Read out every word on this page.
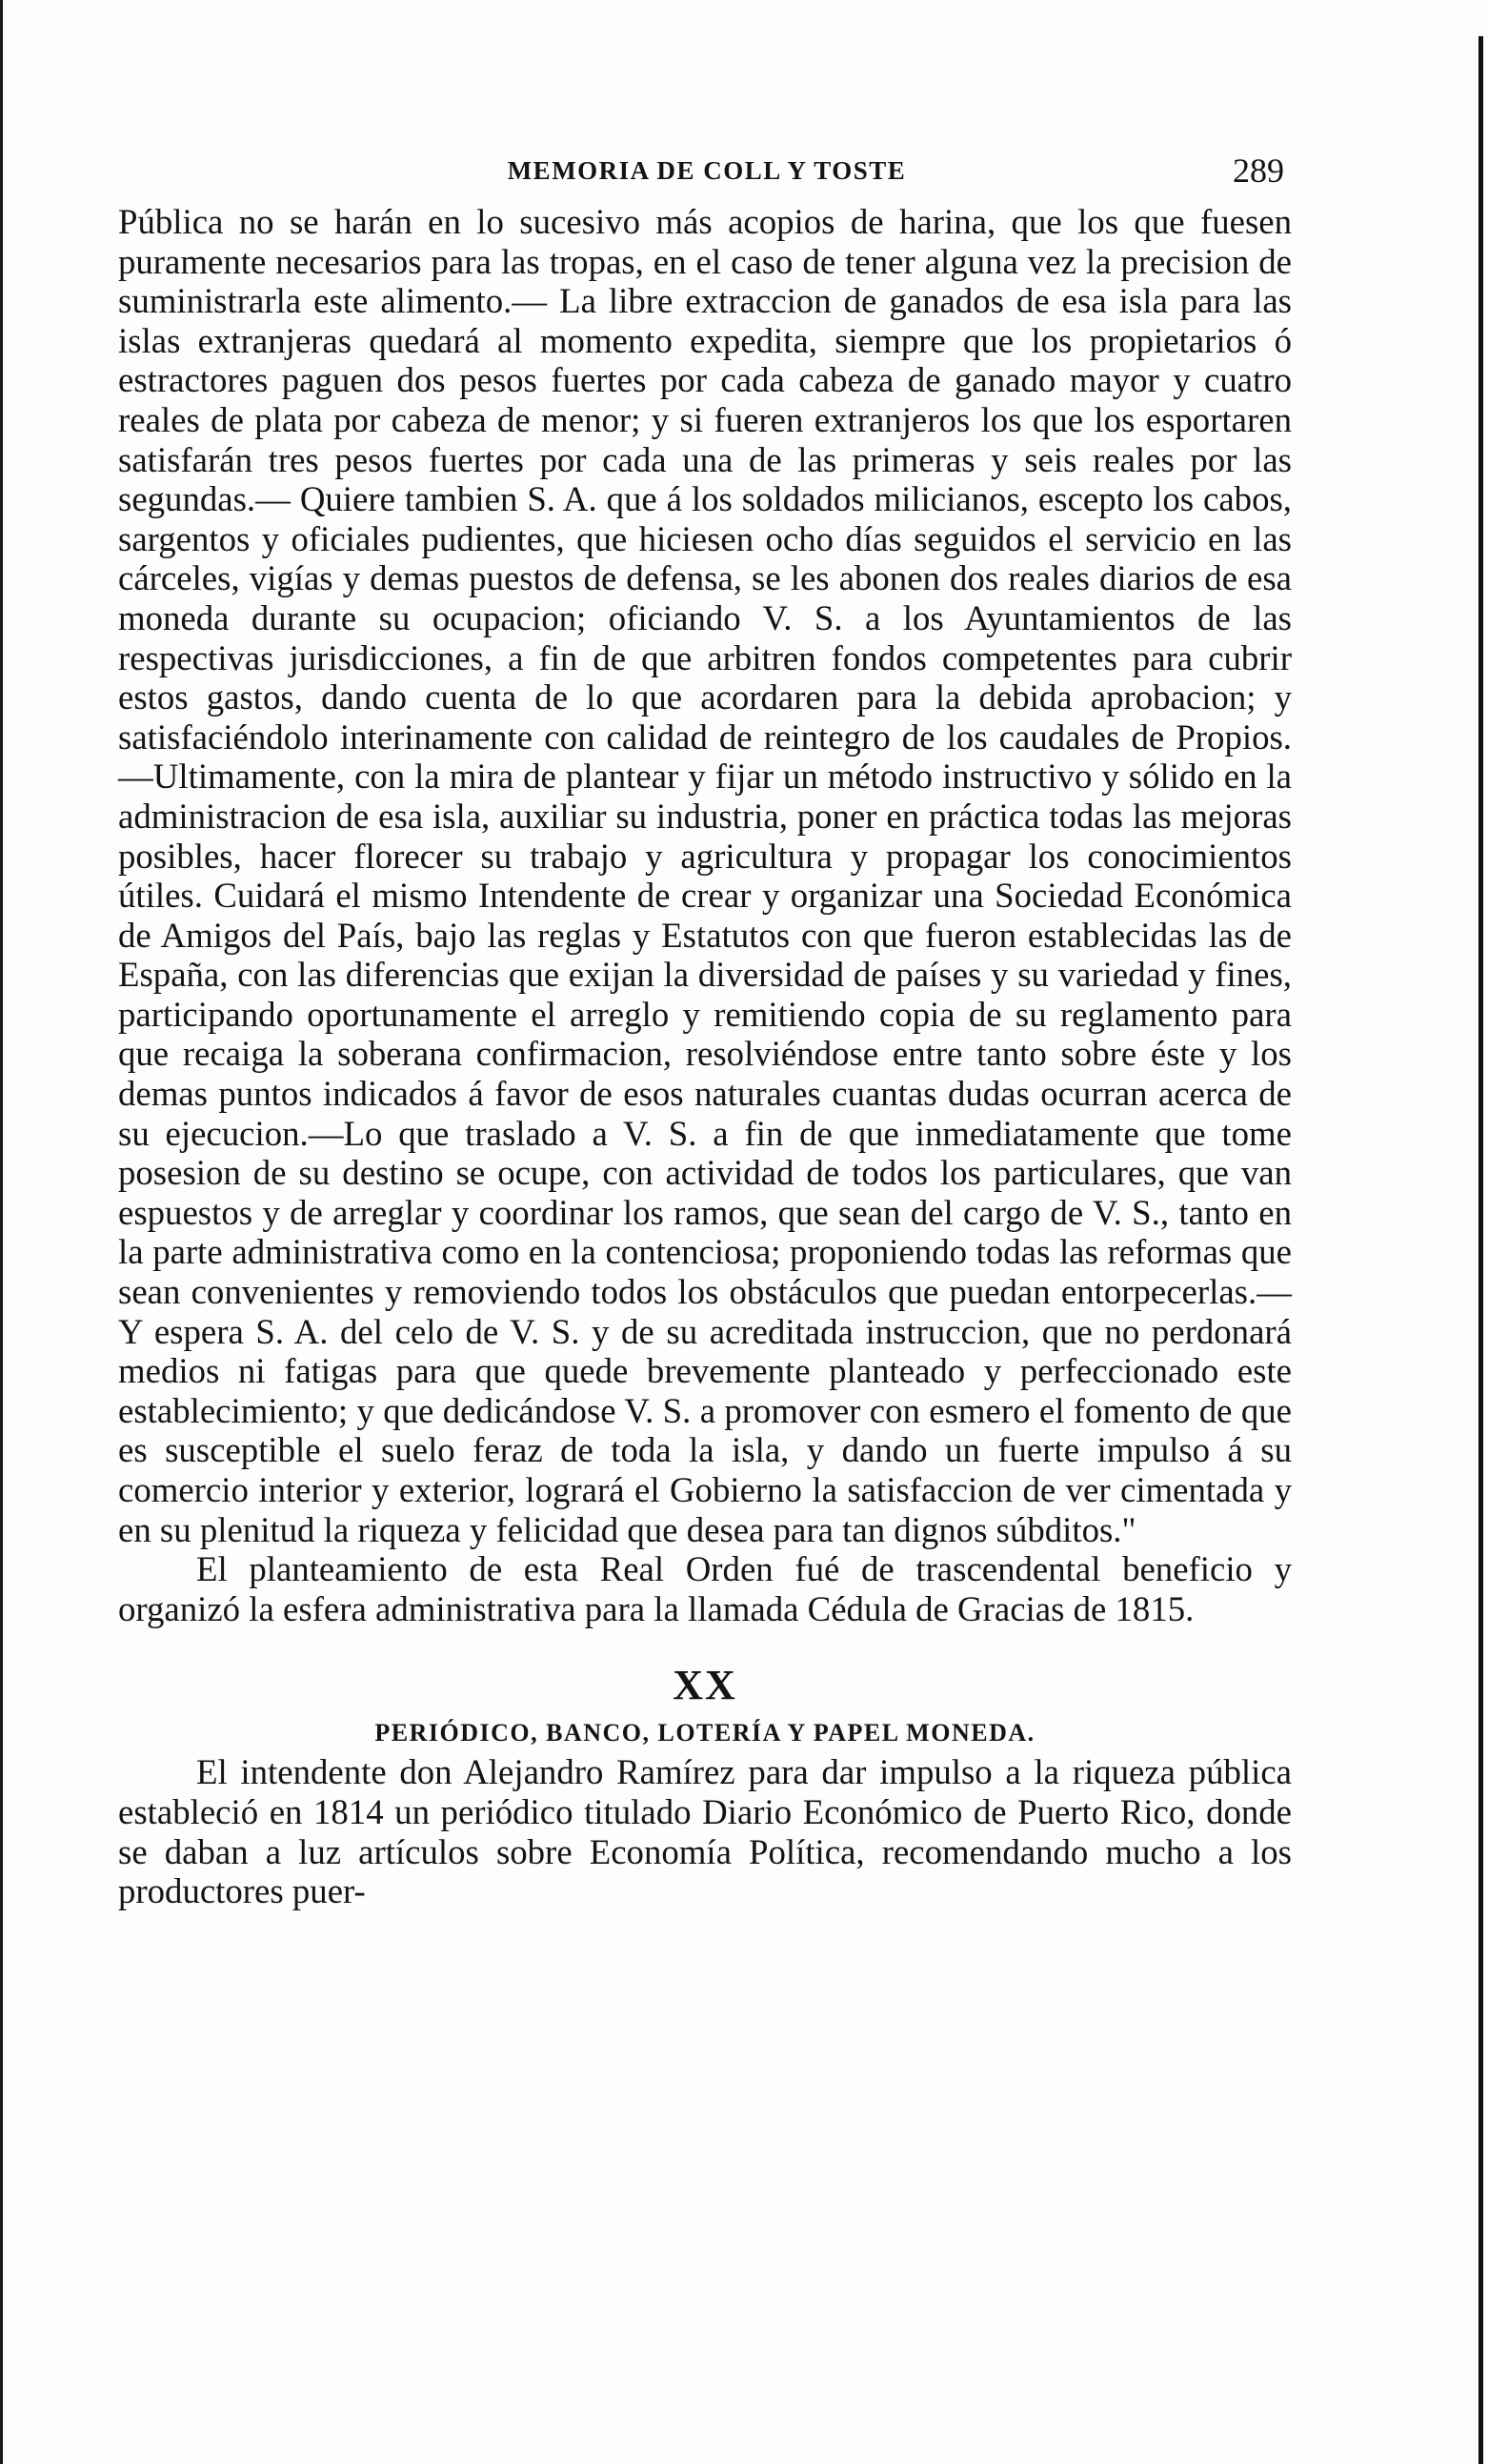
MEMORIA DE COLL Y TOSTE	289

Pública no se harán en lo sucesivo más acopios de harina, que los que fuesen puramente necesarios para las tropas, en el caso de tener alguna vez la precision de suministrarla este alimento.— La libre extraccion de ganados de esa isla para las islas extranjeras quedará al momento expedita, siempre que los propietarios ó estractores paguen dos pesos fuertes por cada cabeza de ganado mayor y cuatro reales de plata por cabeza de menor; y si fueren extranjeros los que los esportaren satisfarán tres pesos fuertes por cada una de las primeras y seis reales por las segundas.— Quiere tambien S. A. que á los soldados milicianos, escepto los cabos, sargentos y oficiales pudientes, que hiciesen ocho días seguidos el servicio en las cárceles, vigías y demas puestos de defensa, se les abonen dos reales diarios de esa moneda durante su ocupacion; oficiando V. S. a los Ayuntamientos de las respectivas jurisdicciones, a fin de que arbitren fondos competentes para cubrir estos gastos, dando cuenta de lo que acordaren para la debida aprobacion; y satisfaciéndolo interinamente con calidad de reintegro de los caudales de Propios.—Ultimamente, con la mira de plantear y fijar un método instructivo y sólido en la administracion de esa isla, auxiliar su industria, poner en práctica todas las mejoras posibles, hacer florecer su trabajo y agricultura y propagar los conocimientos útiles. Cuidará el mismo Intendente de crear y organizar una Sociedad Económica de Amigos del País, bajo las reglas y Estatutos con que fueron establecidas las de España, con las diferencias que exijan la diversidad de países y su variedad y fines, participando oportunamente el arreglo y remitiendo copia de su reglamento para que recaiga la soberana confirmacion, resolviéndose entre tanto sobre éste y los demas puntos indicados á favor de esos naturales cuantas dudas ocurran acerca de su ejecucion.—Lo que traslado a V. S. a fin de que inmediatamente que tome posesion de su destino se ocupe, con actividad de todos los particulares, que van espuestos y de arreglar y coordinar los ramos, que sean del cargo de V. S., tanto en la parte administrativa como en la contenciosa; proponiendo todas las reformas que sean convenientes y removiendo todos los obstáculos que puedan entorpecerlas.—Y espera S. A. del celo de V. S. y de su acreditada instruccion, que no perdonará medios ni fatigas para que quede brevemente planteado y perfeccionado este establecimiento; y que dedicándose V. S. a promover con esmero el fomento de que es susceptible el suelo feraz de toda la isla, y dando un fuerte impulso á su comercio interior y exterior, logrará el Gobierno la satisfaccion de ver cimentada y en su plenitud la riqueza y felicidad que desea para tan dignos súbditos."

El planteamiento de esta Real Orden fué de trascendental beneficio y organizó la esfera administrativa para la llamada Cédula de Gracias de 1815.

XX

PERIÓDICO, BANCO, LOTERÍA Y PAPEL MONEDA.

El intendente don Alejandro Ramírez para dar impulso a la riqueza pública estableció en 1814 un periódico titulado Diario Económico de Puerto Rico, donde se daban a luz artículos sobre Economía Política, recomendando mucho a los productores puer-
